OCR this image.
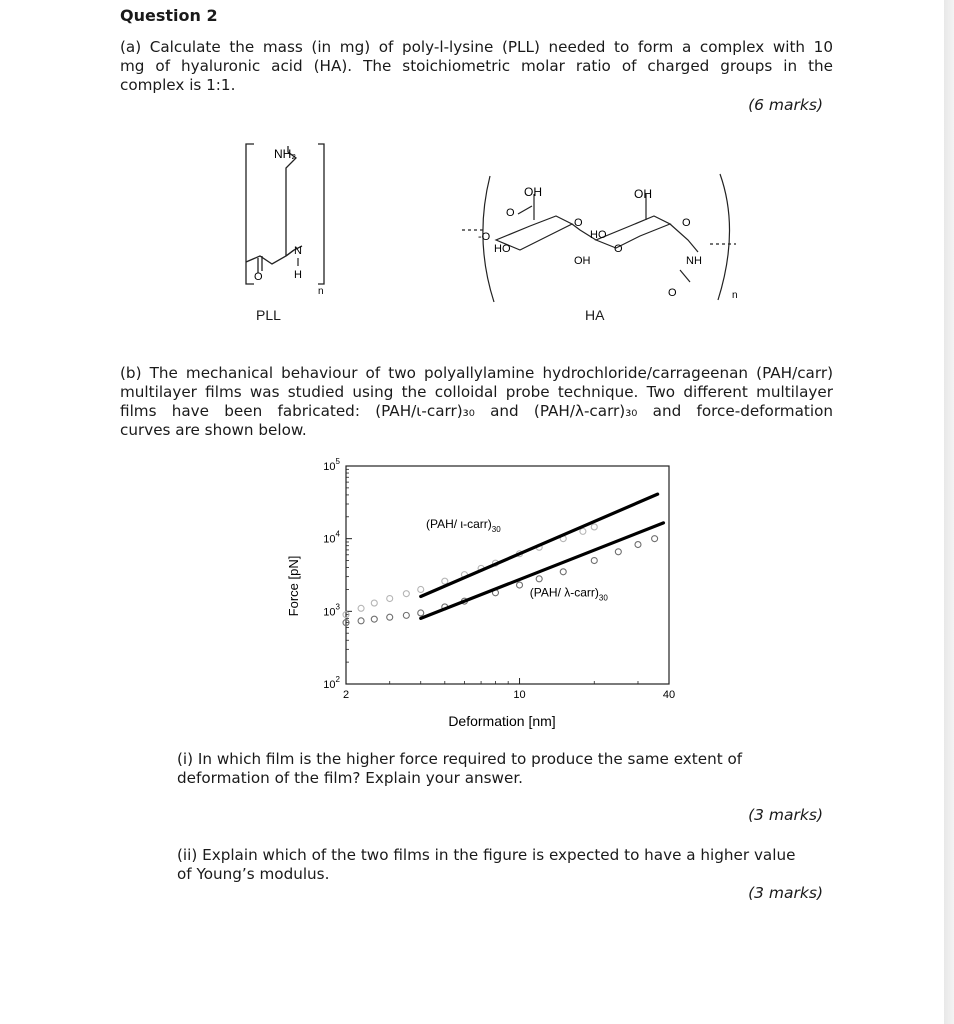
Question 2
(a) Calculate the mass (in mg) of poly-l-lysine (PLL) needed to form a complex with 10
mg of hyaluronic acid (HA). The stoichiometric molar ratio of charged groups in the
complex is 1:1.
(6 marks)
NH₂
N
H
O
n
PLL
OH	OH
O
O
-O
HO
HO
O
O
OH	NH
O	n
HA
(b) The mechanical behaviour of two polyallylamine hydrochloride/carrageenan (PAH/carr)
multilayer films was studied using the colloidal probe technique. Two different multilayer
films have been fabricated: (PAH/ι-carr)₃₀ and (PAH/λ-carr)₃₀ and force-deformation
curves are shown below.
$10^2$
$10^3$
$10^4$
$10^5$
2	10	40
(PAH/ $\iota-carr)_{30}$
(PAH/ $\lambda-carr)_{30}$
Deformation [nm]
Force [pN]
(i) In which film is the higher force required to produce the same extent of
deformation of the film? Explain your answer.
(3 marks)
(ii) Explain which of the two films in the figure is expected to have a higher value
of Young’s modulus.
(3 marks)
